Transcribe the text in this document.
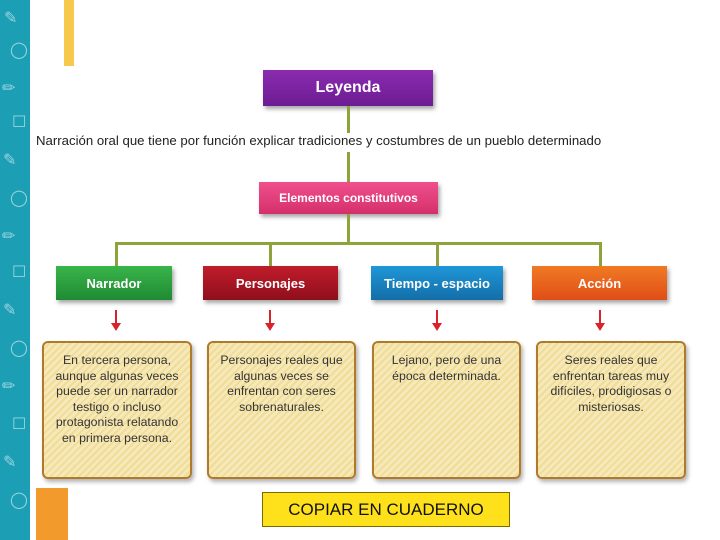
✎
◯
✏
☐
✎
◯
✏
☐
✎
◯
✏
☐
✎
◯
Leyenda
Narración oral que tiene por función explicar tradiciones y costumbres de un pueblo determinado
Elementos constitutivos
Narrador	Personajes	Tiempo - espacio	Acción

En tercera persona, aunque algunas veces puede ser un narrador testigo o incluso protagonista relatando en primera persona.

Personajes reales que algunas veces se enfrentan con seres sobrenaturales.

Lejano, pero de una época determinada.

Seres reales que enfrentan tareas muy difíciles, prodigiosas o misteriosas.

COPIAR EN CUADERNO
